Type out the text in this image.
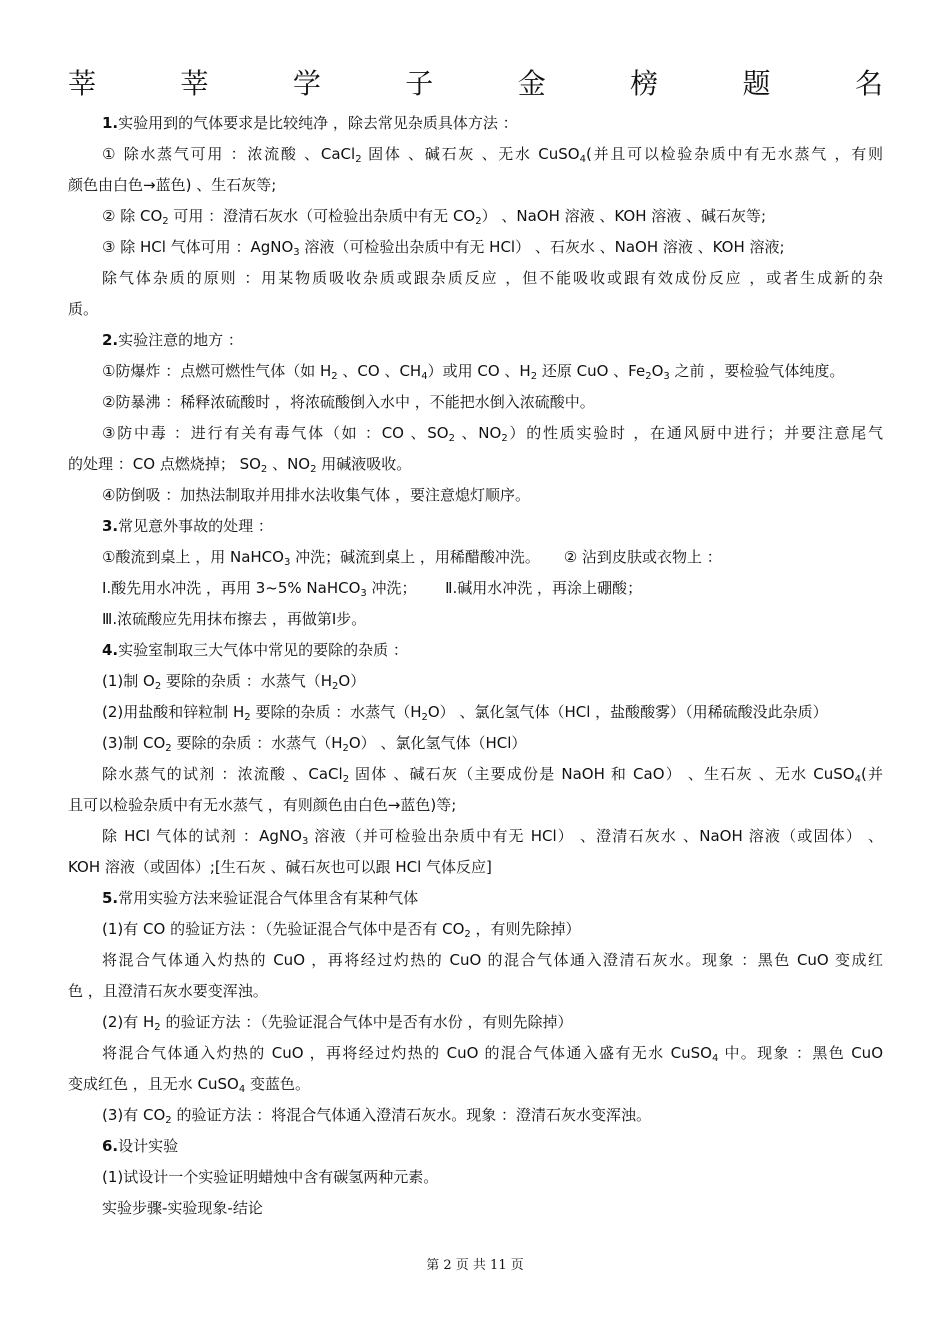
莘	莘	学	子	金	榜	题	名
1.实验用到的气体要求是比较纯净 ，除去常见杂质具体方法 ：
① 除水蒸气可用 ：浓流酸 、CaCl$_2$ 固体 、碱石灰 、无水 CuSO$_4$(并且可以检验杂质中有无水蒸气 ，有则
颜色由白色→蓝色) 、生石灰等;
② 除 $CO_2$ 可用 ：澄清石灰水（可检验出杂质中有无 $CO_2$） 、NaOH 溶液 、KOH 溶液 、碱石灰等;
③ 除 HCl 气体可用 ：AgNO$_3$ 溶液（可检验出杂质中有无 HCl） 、石灰水 、NaOH 溶液 、KOH 溶液;
除气体杂质的原则 ：用某物质吸收杂质或跟杂质反应 ，但不能吸收或跟有效成份反应 ，或者生成新的杂
质。
2.实验注意的地方 ：
①防爆炸 ：点燃可燃性气体（如 $H_2$ 、CO 、$CH_4$）或用 CO 、$H_2$ 还原 CuO 、$Fe_2O_3$ 之前 ，要检验气体纯度。
②防暴沸 ：稀释浓硫酸时 ，将浓硫酸倒入水中 ，不能把水倒入浓硫酸中。
③防中毒 ：进行有关有毒气体（如 ：CO 、$SO_2$ 、$NO_2$）的性质实验时 ，在通风厨中进行；并要注意尾气
的处理 ：CO 点燃烧掉； $SO_2$ 、$NO_2$ 用碱液吸收。
④防倒吸 ：加热法制取并用排水法收集气体 ，要注意熄灯顺序。
3.常见意外事故的处理 ：
①酸流到桌上 ，用 NaHCO$_3$ 冲洗；碱流到桌上 ，用稀醋酸冲洗。     ② 沾到皮肤或衣物上 ：
Ⅰ.酸先用水冲洗 ，再用 3~5% NaHCO$_3$ 冲洗；      Ⅱ.碱用水冲洗 ，再涂上硼酸；
Ⅲ.浓硫酸应先用抹布擦去 ，再做第Ⅰ步。
4.实验室制取三大气体中常见的要除的杂质 ：
(1)制 $O_2$ 要除的杂质 ：水蒸气$(H_2O)$
(2)用盐酸和锌粒制 $H_2$ 要除的杂质 ：水蒸气$(H_2O)$ 、氯化氢气体（HCl ，盐酸酸雾）（用稀硫酸没此杂质）
(3)制 $CO_2$ 要除的杂质 ：水蒸气$(H_2O)$ 、氯化氢气体（HCl）
除水蒸气的试剂 ：浓流酸 、CaCl$_2$ 固体 、碱石灰（主要成份是 NaOH 和 CaO） 、生石灰 、无水 CuSO$_4$(并
且可以检验杂质中有无水蒸气 ，有则颜色由白色→蓝色)等;
除 HCl 气体的试剂 ：AgNO$_3$ 溶液（并可检验出杂质中有无 HCl） 、澄清石灰水 、NaOH 溶液（或固体） 、
KOH 溶液（或固体）;[生石灰 、碱石灰也可以跟 HCl 气体反应]
5.常用实验方法来验证混合气体里含有某种气体
(1)有 CO 的验证方法 ：（先验证混合气体中是否有 $CO_2$ ，有则先除掉）
将混合气体通入灼热的 CuO ，再将经过灼热的 CuO 的混合气体通入澄清石灰水。现象 ：黑色 CuO 变成红
色 ，且澄清石灰水要变浑浊。
(2)有 $H_2$ 的验证方法 ：（先验证混合气体中是否有水份 ，有则先除掉）
将混合气体通入灼热的 CuO ，再将经过灼热的 CuO 的混合气体通入盛有无水 CuSO$_4$ 中。现象 ：黑色 CuO
变成红色 ，且无水 CuSO$_4$ 变蓝色。
(3)有 $CO_2$ 的验证方法 ：将混合气体通入澄清石灰水。现象 ：澄清石灰水变浑浊。
6.设计实验
(1)试设计一个实验证明蜡烛中含有碳氢两种元素。
实验步骤-实验现象-结论
第 2 页 共 11 页
